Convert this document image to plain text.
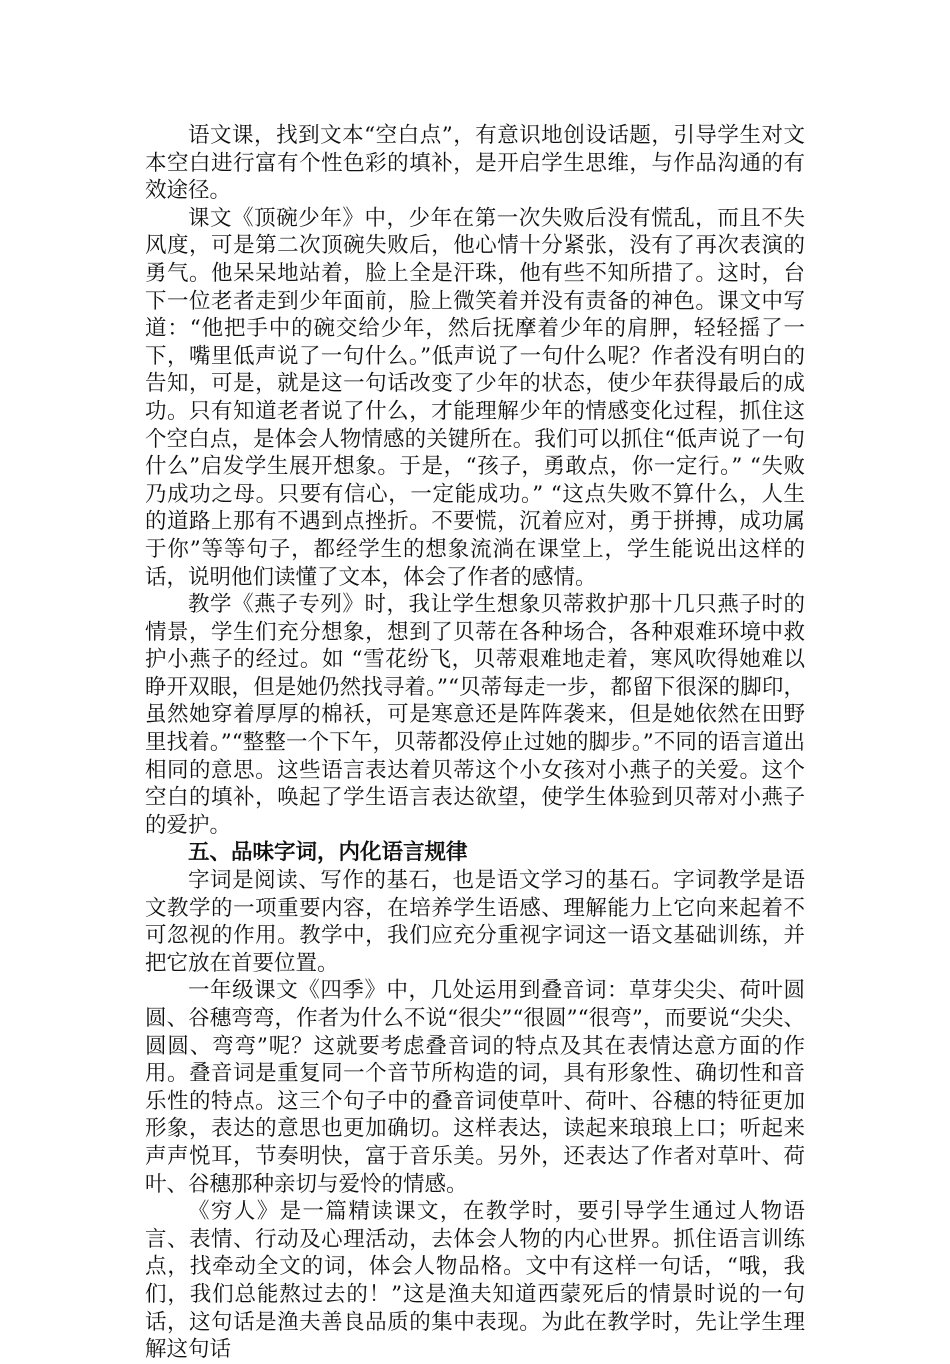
语文课，找到文本“空白点”，有意识地创设话题，引导学生对文本空白进行富有个性色彩的填补，是开启学生思维，与作品沟通的有效途径。

课文《顶碗少年》中，少年在第一次失败后没有慌乱，而且不失风度，可是第二次顶碗失败后，他心情十分紧张，没有了再次表演的勇气。他呆呆地站着，脸上全是汗珠，他有些不知所措了。这时，台下一位老者走到少年面前，脸上微笑着并没有责备的神色。课文中写道：“他把手中的碗交给少年，然后抚摩着少年的肩胛，轻轻摇了一下，嘴里低声说了一句什么。”低声说了一句什么呢？作者没有明白的告知，可是，就是这一句话改变了少年的状态，使少年获得最后的成功。只有知道老者说了什么，才能理解少年的情感变化过程，抓住这个空白点，是体会人物情感的关键所在。我们可以抓住“低声说了一句什么”启发学生展开想象。于是，“孩子，勇敢点，你一定行。” “失败乃成功之母。只要有信心，一定能成功。” “这点失败不算什么，人生的道路上那有不遇到点挫折。不要慌，沉着应对，勇于拼搏，成功属于你”等等句子，都经学生的想象流淌在课堂上，学生能说出这样的话，说明他们读懂了文本，体会了作者的感情。

教学《燕子专列》时，我让学生想象贝蒂救护那十几只燕子时的情景，学生们充分想象，想到了贝蒂在各种场合，各种艰难环境中救护小燕子的经过。如 “雪花纷飞，贝蒂艰难地走着，寒风吹得她难以睁开双眼，但是她仍然找寻着。”“贝蒂每走一步，都留下很深的脚印，虽然她穿着厚厚的棉袄，可是寒意还是阵阵袭来，但是她依然在田野里找着。”“整整一个下午，贝蒂都没停止过她的脚步。”不同的语言道出相同的意思。这些语言表达着贝蒂这个小女孩对小燕子的关爱。这个空白的填补，唤起了学生语言表达欲望，使学生体验到贝蒂对小燕子的爱护。

五、品味字词，内化语言规律

字词是阅读、写作的基石，也是语文学习的基石。字词教学是语文教学的一项重要内容，在培养学生语感、理解能力上它向来起着不可忽视的作用。教学中，我们应充分重视字词这一语文基础训练，并把它放在首要位置。

一年级课文《四季》中，几处运用到叠音词：草芽尖尖、荷叶圆圆、谷穗弯弯，作者为什么不说“很尖”“很圆”“很弯”，而要说“尖尖、圆圆、弯弯”呢？这就要考虑叠音词的特点及其在表情达意方面的作用。叠音词是重复同一个音节所构造的词，具有形象性、确切性和音乐性的特点。这三个句子中的叠音词使草叶、荷叶、谷穗的特征更加形象，表达的意思也更加确切。这样表达，读起来琅琅上口；听起来声声悦耳，节奏明快，富于音乐美。另外，还表达了作者对草叶、荷叶、谷穗那种亲切与爱怜的情感。

《穷人》是一篇精读课文，在教学时，要引导学生通过人物语言、表情、行动及心理活动，去体会人物的内心世界。抓住语言训练点，找牵动全文的词，体会人物品格。文中有这样一句话，“哦，我们，我们总能熬过去的！”这是渔夫知道西蒙死后的情景时说的一句话，这句话是渔夫善良品质的集中表现。为此在教学时，先让学生理解这句话
